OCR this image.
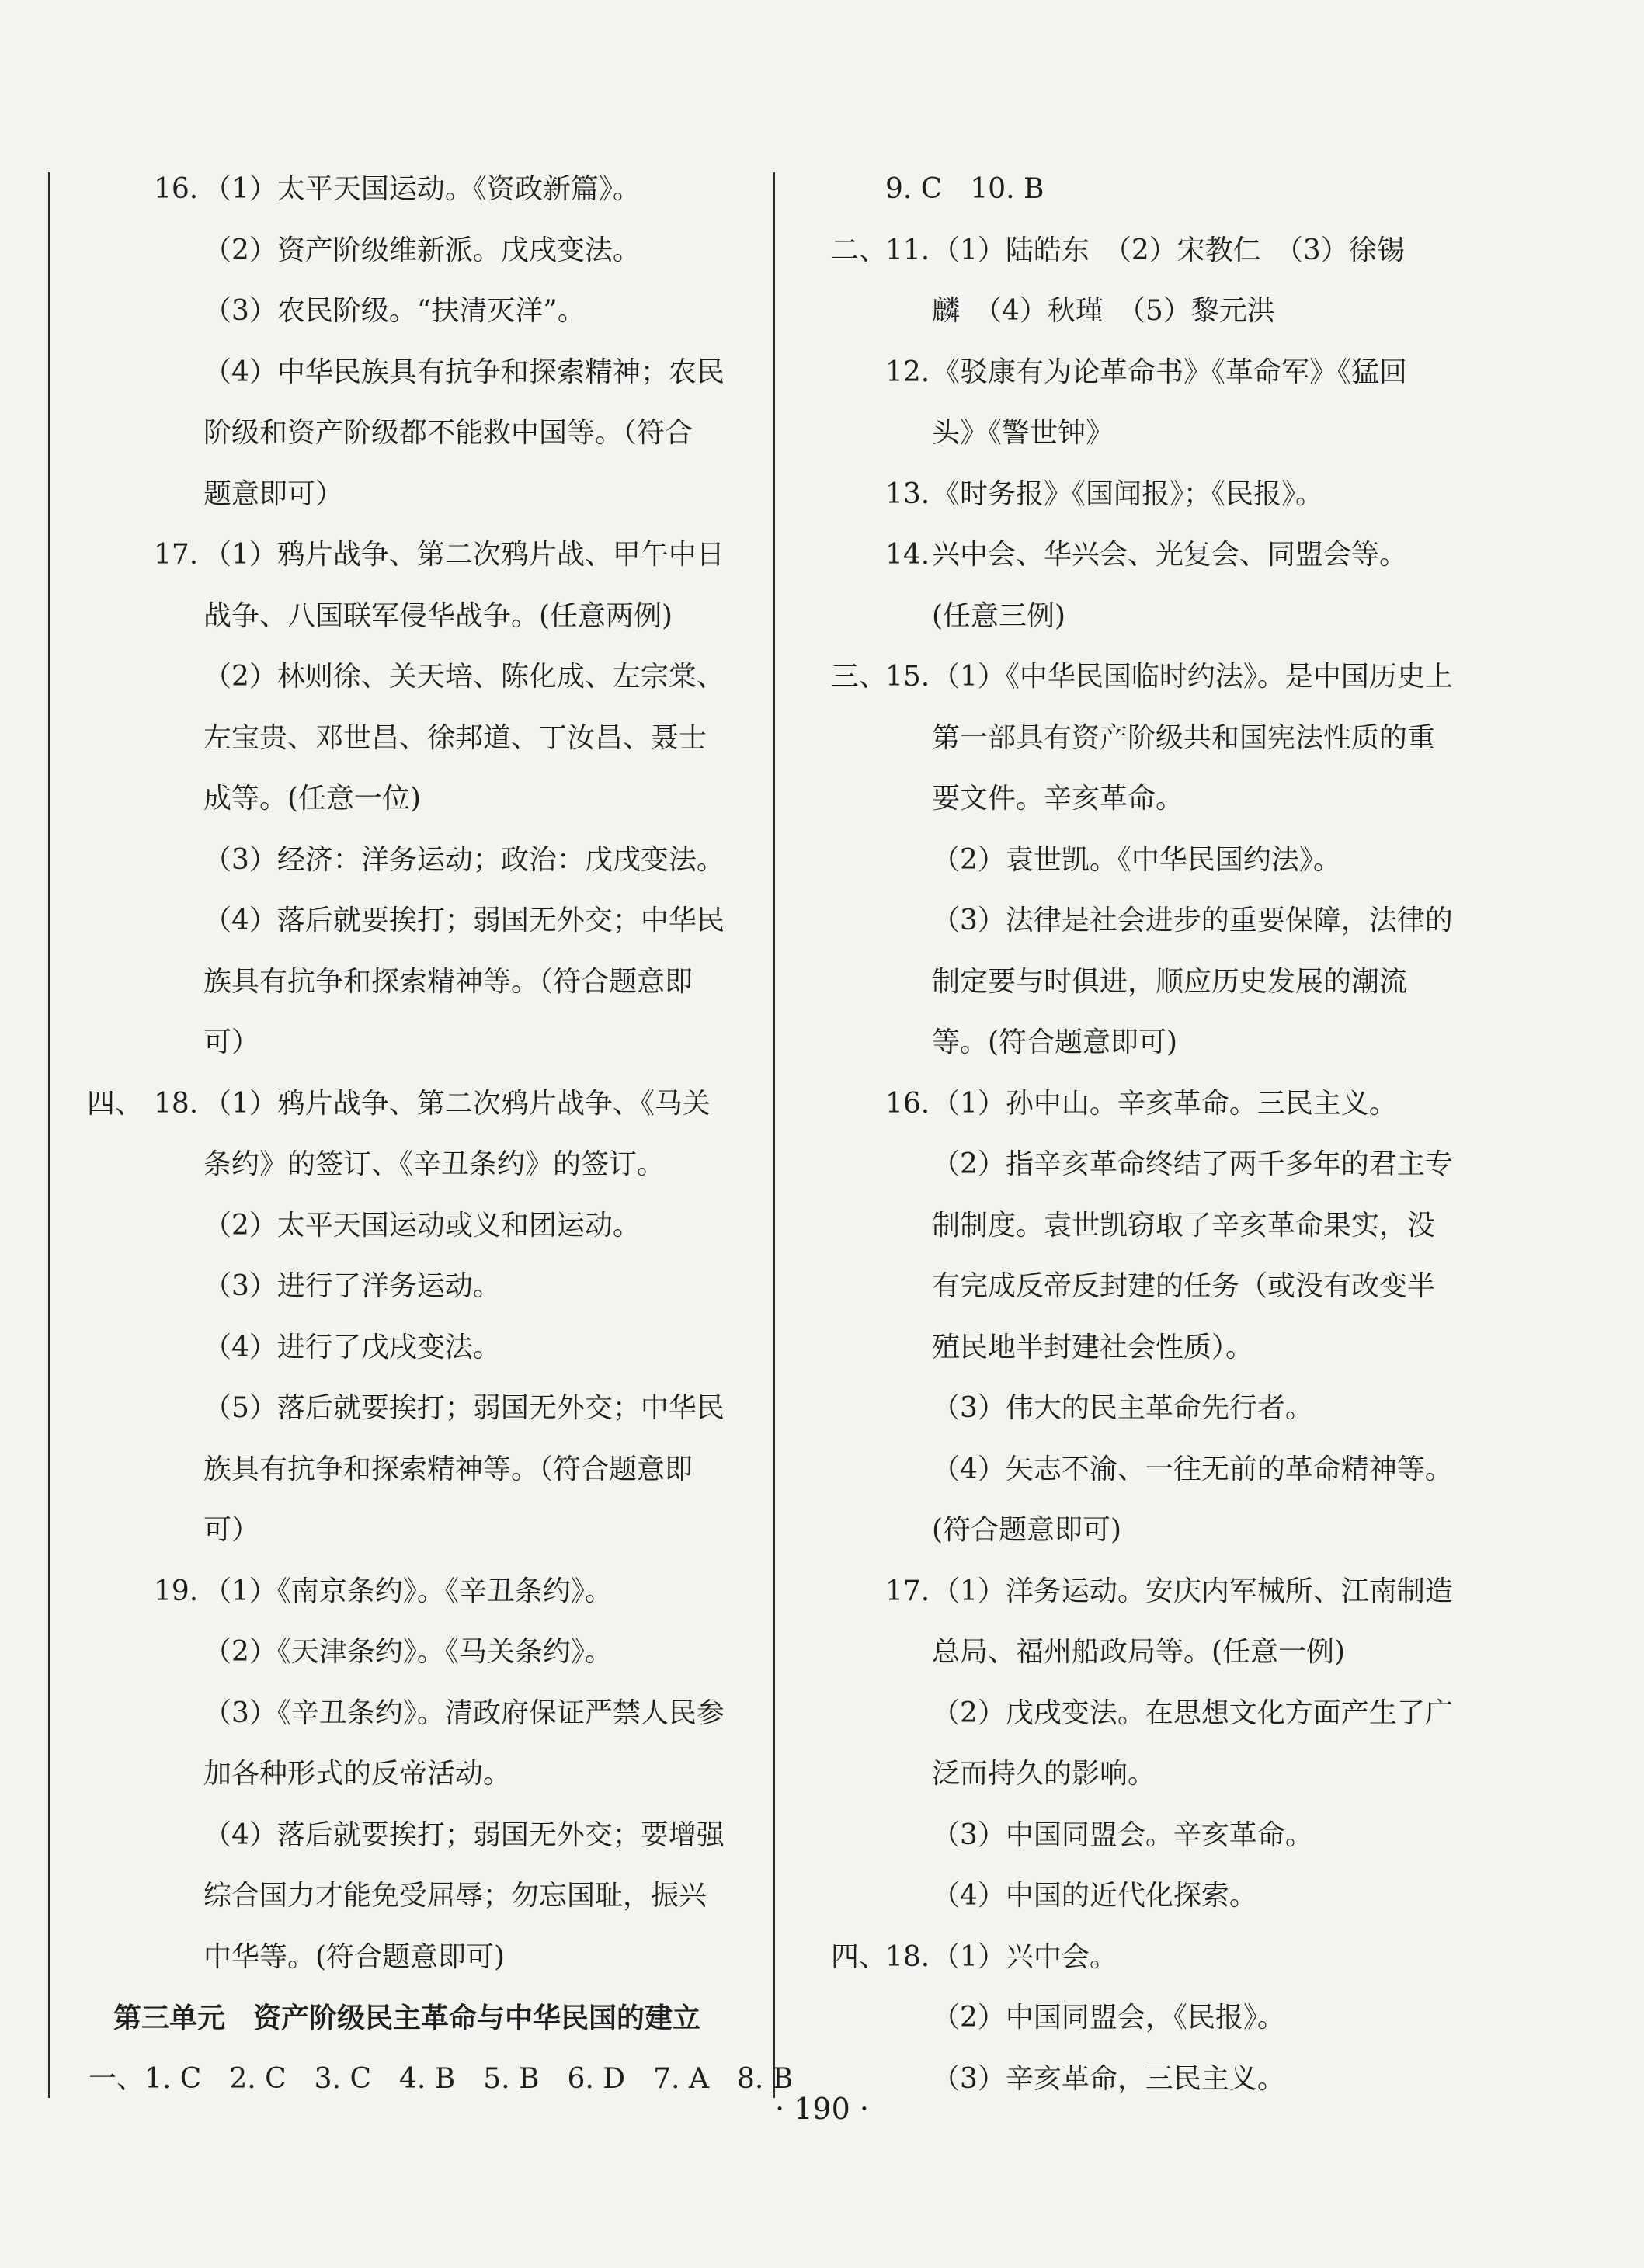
16. （1）太平天国运动。《资政新篇》。
（2）资产阶级维新派。戊戌变法。
（3）农民阶级。“扶清灭洋”。
（4）中华民族具有抗争和探索精神；农民
阶级和资产阶级都不能救中国等。（符合
题意即可）
17. （1）鸦片战争、第二次鸦片战、甲午中日
战争、八国联军侵华战争。(任意两例)
（2）林则徐、关天培、陈化成、左宗棠、
左宝贵、邓世昌、徐邦道、丁汝昌、聂士
成等。(任意一位)
（3）经济：洋务运动；政治：戊戌变法。
（4）落后就要挨打；弱国无外交；中华民
族具有抗争和探索精神等。（符合题意即
可）
四、 18. （1）鸦片战争、第二次鸦片战争、《马关
条约》的签订、《辛丑条约》的签订。
（2）太平天国运动或义和团运动。
（3）进行了洋务运动。
（4）进行了戊戌变法。
（5）落后就要挨打；弱国无外交；中华民
族具有抗争和探索精神等。（符合题意即
可）
19. （1）《南京条约》。《辛丑条约》。
（2）《天津条约》。《马关条约》。
（3）《辛丑条约》。清政府保证严禁人民参
加各种形式的反帝活动。
（4）落后就要挨打；弱国无外交；要增强
综合国力才能免受屈辱；勿忘国耻，振兴
中华等。(符合题意即可)
第三单元　资产阶级民主革命与中华民国的建立
一、1. C　2. C　3. C　4. B　5. B　6. D　7. A　8. B
9. C　10. B
二、
11. （1）陆皓东　（2）宋教仁　（3）徐锡
麟　（4）秋瑾　（5）黎元洪
12. 《驳康有为论革命书》《革命军》《猛回
头》《警世钟》
13. 《时务报》《国闻报》；《民报》。
14. 兴中会、华兴会、光复会、同盟会等。
(任意三例)
三、
15. （1）《中华民国临时约法》。是中国历史上
第一部具有资产阶级共和国宪法性质的重
要文件。辛亥革命。
（2）袁世凯。《中华民国约法》。
（3）法律是社会进步的重要保障，法律的
制定要与时俱进，顺应历史发展的潮流
等。(符合题意即可)
16. （1）孙中山。辛亥革命。三民主义。
（2）指辛亥革命终结了两千多年的君主专
制制度。袁世凯窃取了辛亥革命果实，没
有完成反帝反封建的任务（或没有改变半
殖民地半封建社会性质）。
（3）伟大的民主革命先行者。
（4）矢志不渝、一往无前的革命精神等。
(符合题意即可)
17. （1）洋务运动。安庆内军械所、江南制造
总局、福州船政局等。(任意一例)
（2）戊戌变法。在思想文化方面产生了广
泛而持久的影响。
（3）中国同盟会。辛亥革命。
（4）中国的近代化探索。
四、
18. （1）兴中会。
（2）中国同盟会，《民报》。
（3）辛亥革命，三民主义。
· 190 ·
